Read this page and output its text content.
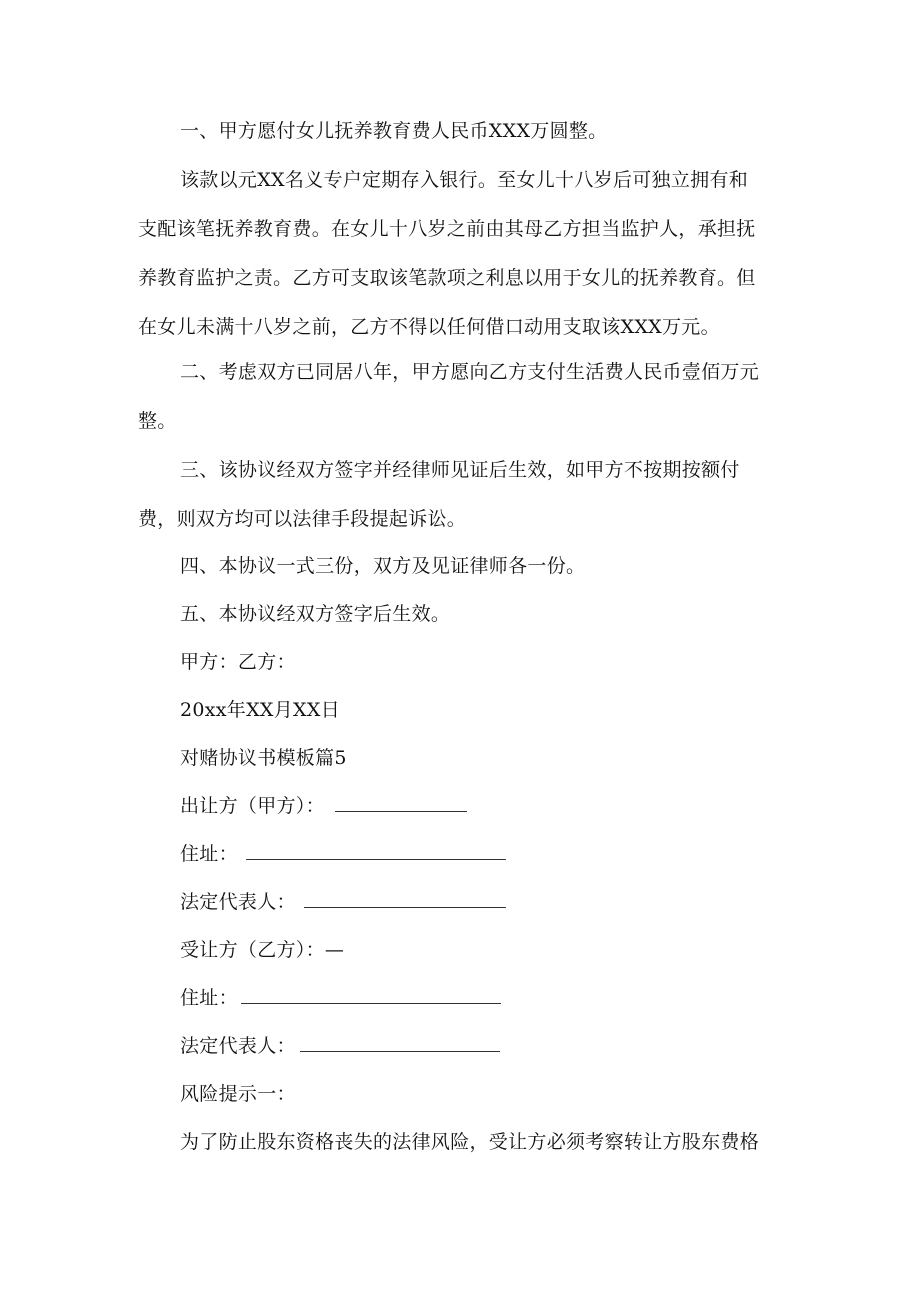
一、甲方愿付女儿抚养教育费人民币XXX万圆整。
该款以元XX名义专户定期存入银行。至女儿十八岁后可独立拥有和
支配该笔抚养教育费。在女儿十八岁之前由其母乙方担当监护人，承担抚
养教育监护之责。乙方可支取该笔款项之利息以用于女儿的抚养教育。但
在女儿未满十八岁之前，乙方不得以任何借口动用支取该XXX万元。
二、考虑双方已同居八年，甲方愿向乙方支付生活费人民币壹佰万元
整。
三、该协议经双方签字并经律师见证后生效，如甲方不按期按额付
费，则双方均可以法律手段提起诉讼。
四、本协议一式三份，双方及见证律师各一份。
五、本协议经双方签字后生效。
甲方：乙方：
20xx年XX月XX日
对赌协议书模板篇5
出让方（甲方）：
住址：
法定代表人：
受让方（乙方）：—
住址：
法定代表人：
风险提示一：
为了防止股东资格丧失的法律风险，受让方必须考察转让方股东费格
